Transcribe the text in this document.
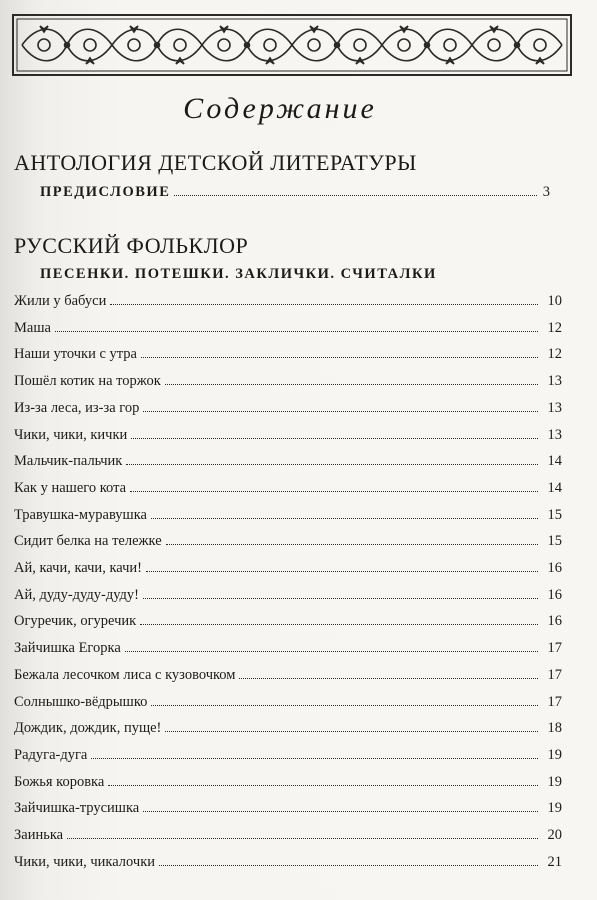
Содержание
АНТОЛОГИЯ ДЕТСКОЙ ЛИТЕРАТУРЫ
ПРЕДИСЛОВИЕ	3
РУССКИЙ ФОЛЬКЛОР
ПЕСЕНКИ. ПОТЕШКИ. ЗАКЛИЧКИ. СЧИТАЛКИ
Жили у бабуси	10
Маша	12
Наши уточки с утра	12
Пошёл котик на торжок	13
Из-за леса, из-за гор	13
Чики, чики, кички	13
Мальчик-пальчик	14
Как у нашего кота	14
Травушка-муравушка	15
Сидит белка на тележке	15
Ай, качи, качи, качи!	16
Ай, дуду-дуду-дуду!	16
Огуречик, огуречик	16
Зайчишка Егорка	17
Бежала лесочком лиса с кузовочком	17
Солнышко-вёдрышко	17
Дождик, дождик, пуще!	18
Радуга-дуга	19
Божья коровка	19
Зайчишка-трусишка	19
Заинька	20
Чики, чики, чикалочки	21
